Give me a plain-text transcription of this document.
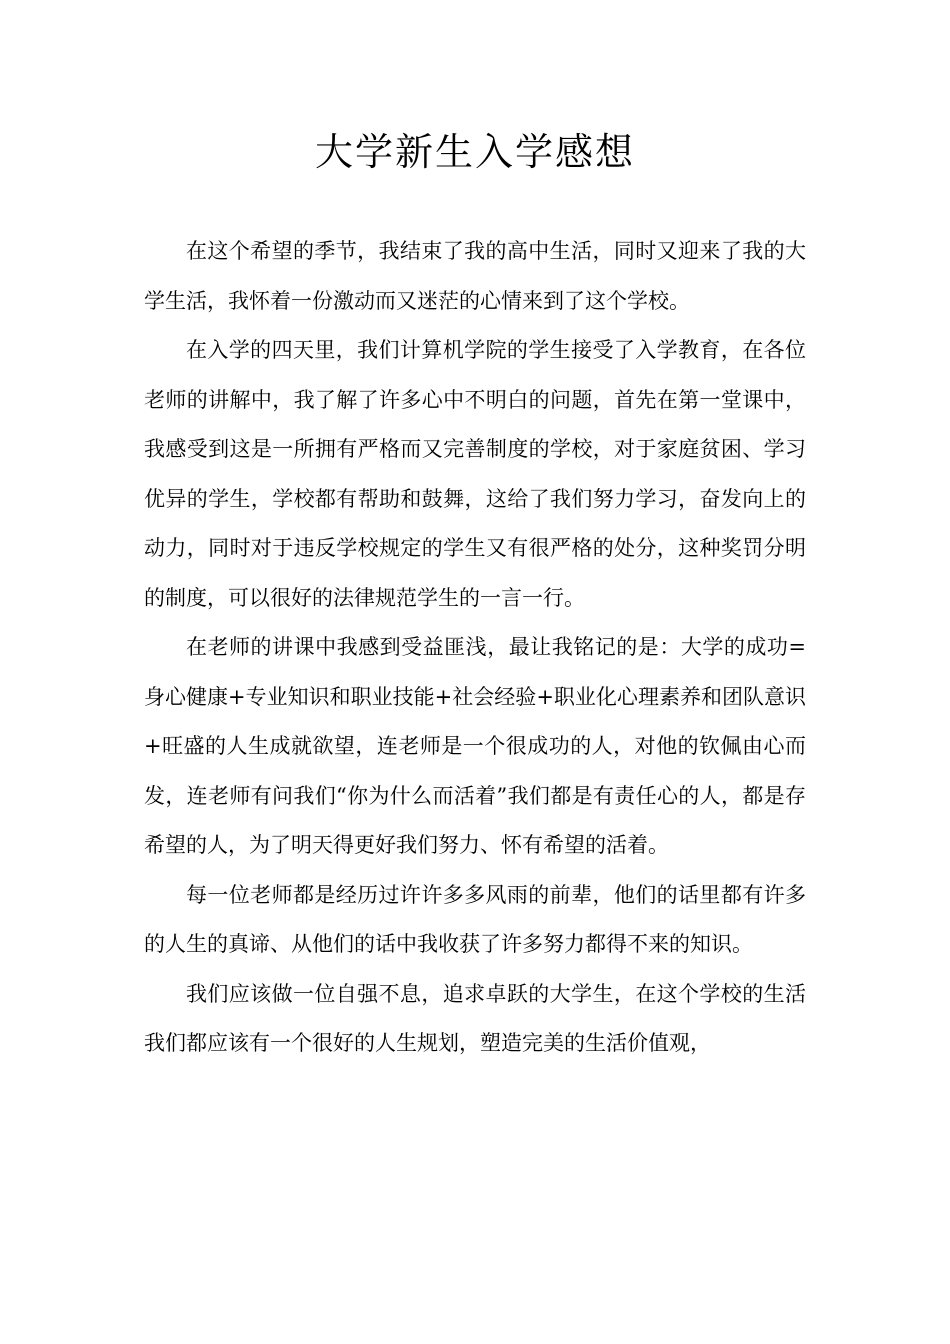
大学新生入学感想

在这个希望的季节，我结束了我的高中生活，同时又迎来了我的大学生活，我怀着一份激动而又迷茫的心情来到了这个学校。

在入学的四天里，我们计算机学院的学生接受了入学教育，在各位老师的讲解中，我了解了许多心中不明白的问题，首先在第一堂课中，我感受到这是一所拥有严格而又完善制度的学校，对于家庭贫困、学习优异的学生，学校都有帮助和鼓舞，这给了我们努力学习，奋发向上的动力，同时对于违反学校规定的学生又有很严格的处分，这种奖罚分明的制度，可以很好的法律规范学生的一言一行。

在老师的讲课中我感到受益匪浅，最让我铭记的是：大学的成功=身心健康+专业知识和职业技能+社会经验+职业化心理素养和团队意识+旺盛的人生成就欲望，连老师是一个很成功的人，对他的钦佩由心而发，连老师有问我们“你为什么而活着”我们都是有责任心的人，都是存希望的人，为了明天得更好我们努力、怀有希望的活着。

每一位老师都是经历过许许多多风雨的前辈，他们的话里都有许多的人生的真谛、从他们的话中我收获了许多努力都得不来的知识。

我们应该做一位自强不息，追求卓跃的大学生，在这个学校的生活我们都应该有一个很好的人生规划，塑造完美的生活价值观，
